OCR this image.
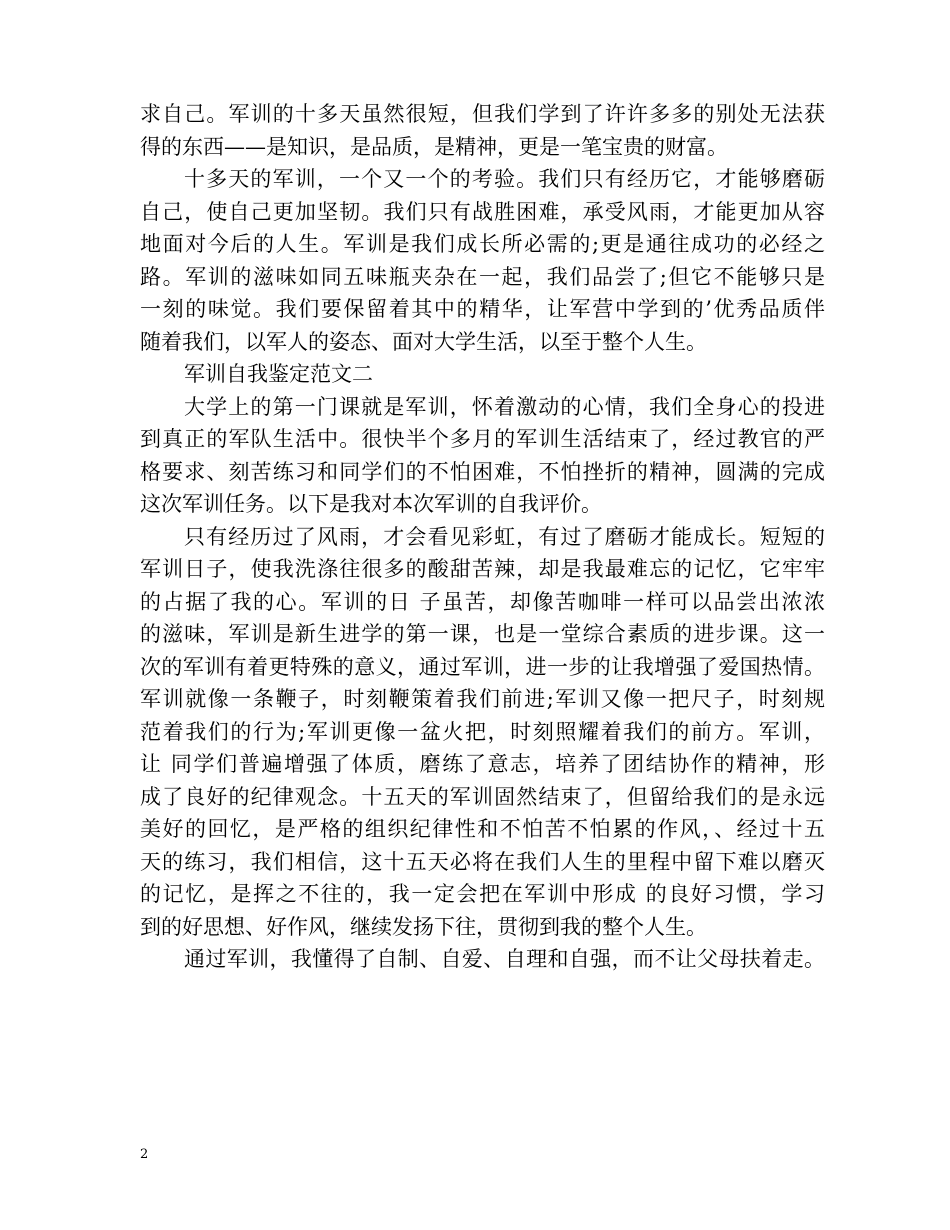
求自己。军训的十多天虽然很短，但我们学到了许许多多的别处无法获
得的东西——是知识，是品质，是精神，更是一笔宝贵的财富。
十多天的军训，一个又一个的考验。我们只有经历它，才能够磨砺
自己，使自己更加坚韧。我们只有战胜困难，承受风雨，才能更加从容
地面对今后的人生。军训是我们成长所必需的;更是通往成功的必经之
路。军训的滋味如同五味瓶夹杂在一起，我们品尝了;但它不能够只是
一刻的味觉。我们要保留着其中的精华，让军营中学到的’优秀品质伴
随着我们，以军人的姿态、面对大学生活，以至于整个人生。
军训自我鉴定范文二
大学上的第一门课就是军训，怀着激动的心情，我们全身心的投进
到真正的军队生活中。很快半个多月的军训生活结束了，经过教官的严
格要求、刻苦练习和同学们的不怕困难，不怕挫折的精神，圆满的完成
这次军训任务。以下是我对本次军训的自我评价。
只有经历过了风雨，才会看见彩虹，有过了磨砺才能成长。短短的
军训日子，使我洗涤往很多的酸甜苦辣，却是我最难忘的记忆，它牢牢
的占据了我的心。军训的日 子虽苦，却像苦咖啡一样可以品尝出浓浓
的滋味，军训是新生进学的第一课，也是一堂综合素质的进步课。这一
次的军训有着更特殊的意义，通过军训，进一步的让我增强了爱国热情。
军训就像一条鞭子，时刻鞭策着我们前进;军训又像一把尺子，时刻规
范着我们的行为;军训更像一盆火把，时刻照耀着我们的前方。军训，
让 同学们普遍增强了体质，磨练了意志，培养了团结协作的精神，形
成了良好的纪律观念。十五天的军训固然结束了，但留给我们的是永远
美好的回忆，是严格的组织纪律性和不怕苦不怕累的作风，、经过十五
天的练习，我们相信，这十五天必将在我们人生的里程中留下难以磨灭
的记忆，是挥之不往的，我一定会把在军训中形成 的良好习惯，学习
到的好思想、好作风，继续发扬下往，贯彻到我的整个人生。
通过军训，我懂得了自制、自爱、自理和自强，而不让父母扶着走。
2
